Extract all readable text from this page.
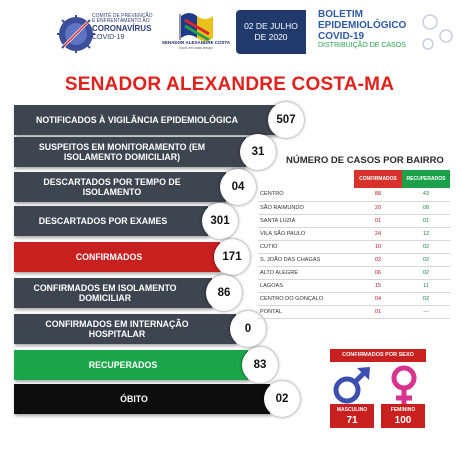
COMITÊ DE PREVENÇÃO
E ENFRENTAMENTO AO
CORONAVÍRUS
COVID-19
SENADOR ALEXANDRE COSTA
Novo em cada tempo
02 DE JULHO
DE 2020
BOLETIM
EPIDEMIOLÓGICO
COVID-19
DISTRIBUIÇÃO DE CASOS
SENADOR ALEXANDRE COSTA-MA
NOTIFICADOS À VIGILÂNCIA EPIDEMIOLÓGICA	507
SUSPEITOS EM MONITORAMENTO (EM ISOLAMENTO DOMICILIAR)	31
DESCARTADOS POR TEMPO DE ISOLAMENTO	04
DESCARTADOS POR EXAMES	301
CONFIRMADOS	171
CONFIRMADOS EM ISOLAMENTO DOMICILIAR	86
CONFIRMADOS EM INTERNAÇÃO HOSPITALAR	0
RECUPERADOS	83
ÓBITO	02
NÚMERO DE CASOS POR BAIRRO
	CONFIRMADOS	RECUPERADOS
CENTRO	88	43
SÃO RAIMUNDO	20	08
SANTA LUZIA	01	01
VILA SÃO PAULO	24	12
CUTIO	10	02
S. JOÃO DAS CHAGAS	02	02
ALTO ALEGRE	06	02
LAGOAS	15	11
CENTRO DO GONÇALO	04	02
PONTAL	01	---
CONFIRMADOS POR SEXO
MASCULINO
71
FEMININO
100
